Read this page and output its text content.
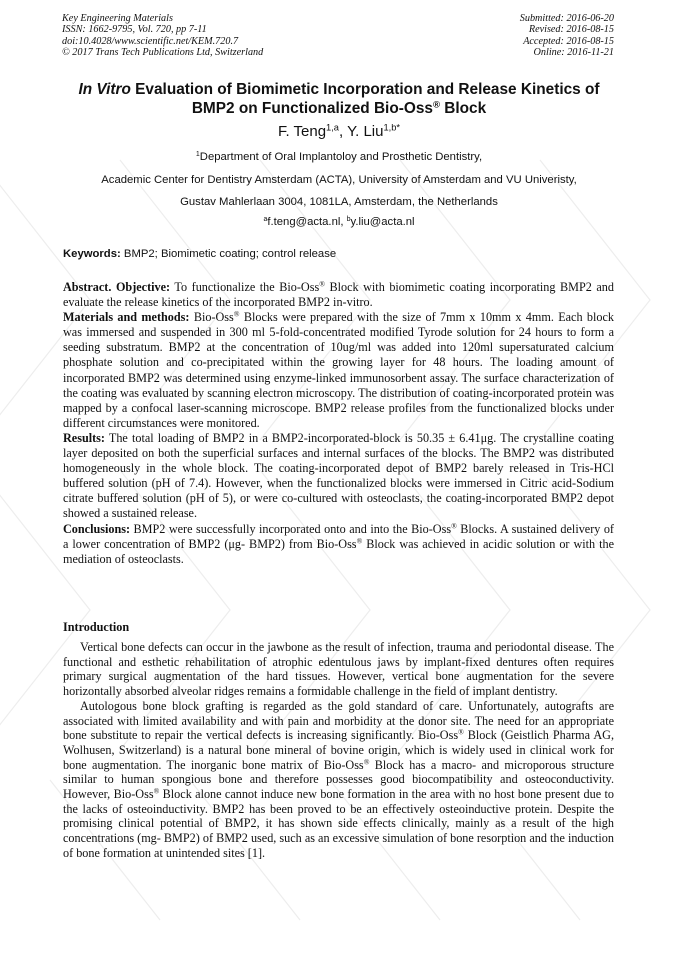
Key Engineering Materials
ISSN: 1662-9795, Vol. 720, pp 7-11
doi:10.4028/www.scientific.net/KEM.720.7
© 2017 Trans Tech Publications Ltd, Switzerland
Submitted: 2016-06-20
Revised: 2016-08-15
Accepted: 2016-08-15
Online: 2016-11-21
In Vitro Evaluation of Biomimetic Incorporation and Release Kinetics of
BMP2 on Functionalized Bio-Oss® Block
F. Teng$^{1,a}$, Y. Liu$^{1,b*}$
$^1$Department of Oral Implantoloy and Prosthetic Dentistry,
Academic Center for Dentistry Amsterdam (ACTA), University of Amsterdam and VU Univeristy,
Gustav Mahlerlaan 3004, 1081LA, Amsterdam, the Netherlands
$^a$f.teng@acta.nl, $^b$y.liu@acta.nl
Keywords: BMP2; Biomimetic coating; control release

Abstract. Objective: To functionalize the Bio-Oss® Block with biomimetic coating incorporating BMP2 and evaluate the release kinetics of the incorporated BMP2 in-vitro.

Materials and methods: Bio-Oss® Blocks were prepared with the size of 7mm x 10mm x 4mm. Each block was immersed and suspended in 300 ml 5-fold-concentrated modified Tyrode solution for 24 hours to form a seeding substratum. BMP2 at the concentration of 10ug/ml was added into 120ml supersaturated calcium phosphate solution and co-precipitated within the growing layer for 48 hours. The loading amount of incorporated BMP2 was determined using enzyme-linked immunosorbent assay. The surface characterization of the coating was evaluated by scanning electron microscopy. The distribution of coating-incorporated protein was mapped by a confocal laser-scanning microscope. BMP2 release profiles from the functionalized blocks under different circumstances were monitored.

Results: The total loading of BMP2 in a BMP2-incorporated-block is 50.35 ± 6.41μg. The crystalline coating layer deposited on both the superficial surfaces and internal surfaces of the blocks. The BMP2 was distributed homogeneously in the whole block. The coating-incorporated depot of BMP2 barely released in Tris-HCl buffered solution (pH of 7.4). However, when the functionalized blocks were immersed in Citric acid-Sodium citrate buffered solution (pH of 5), or were co-cultured with osteoclasts, the coating-incorporated BMP2 depot showed a sustained release.

Conclusions: BMP2 were successfully incorporated onto and into the Bio-Oss® Blocks. A sustained delivery of a lower concentration of BMP2 (μg- BMP2) from Bio-Oss® Block was achieved in acidic solution or with the mediation of osteoclasts.

Introduction

Vertical bone defects can occur in the jawbone as the result of infection, trauma and periodontal disease. The functional and esthetic rehabilitation of atrophic edentulous jaws by implant-fixed dentures often requires primary surgical augmentation of the hard tissues. However, vertical bone augmentation for the severe horizontally absorbed alveolar ridges remains a formidable challenge in the field of implant dentistry.

Autologous bone block grafting is regarded as the gold standard of care. Unfortunately, autografts are associated with limited availability and with pain and morbidity at the donor site. The need for an appropriate bone substitute to repair the vertical defects is increasing significantly. Bio-Oss® Block (Geistlich Pharma AG, Wolhusen, Switzerland) is a natural bone mineral of bovine origin, which is widely used in clinical work for bone augmentation. The inorganic bone matrix of Bio-Oss® Block has a macro- and microporous structure similar to human spongious bone and therefore possesses good biocompatibility and osteoconductivity. However, Bio-Oss® Block alone cannot induce new bone formation in the area with no host bone present due to the lacks of osteoinductivity. BMP2 has been proved to be an effectively osteoinductive protein. Despite the promising clinical potential of BMP2, it has shown side effects clinically, mainly as a result of the high concentrations (mg- BMP2) of BMP2 used, such as an excessive simulation of bone resorption and the induction of bone formation at unintended sites [1].
